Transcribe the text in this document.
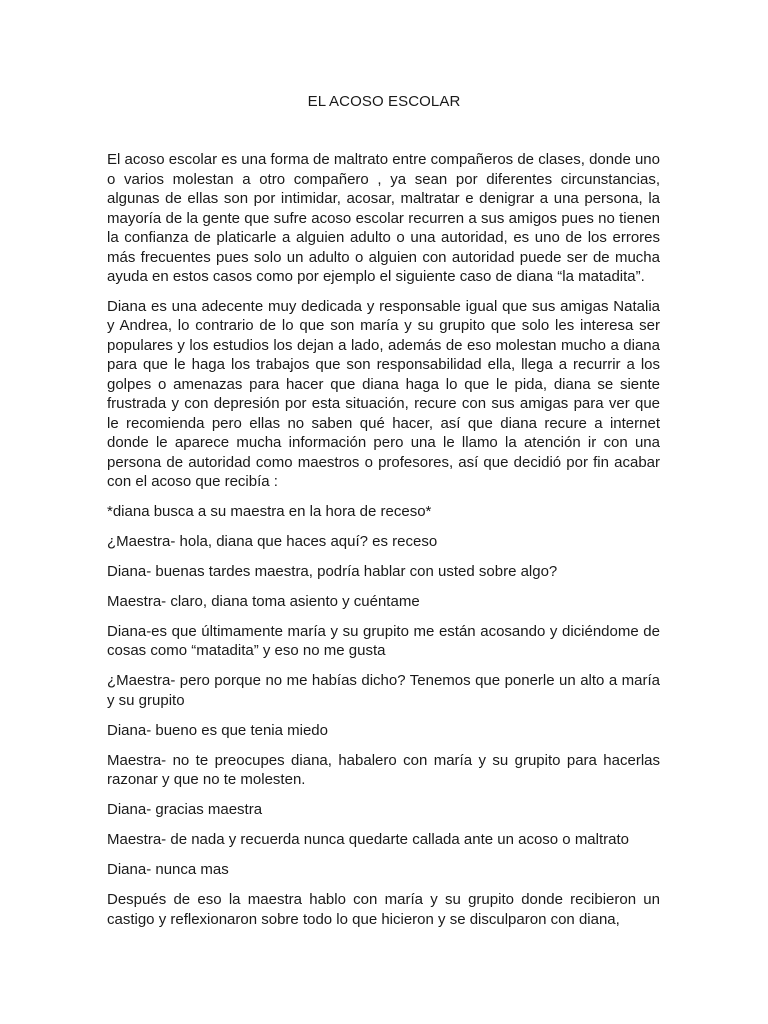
EL ACOSO ESCOLAR

El acoso escolar es una forma de maltrato entre compañeros de clases, donde uno o varios molestan a otro compañero , ya sean por diferentes circunstancias, algunas de ellas son por intimidar, acosar, maltratar e denigrar a una persona, la mayoría de la gente que sufre acoso escolar recurren a sus amigos pues no tienen la confianza de platicarle a alguien adulto o una autoridad, es uno de los errores más frecuentes pues solo un adulto o alguien con autoridad puede ser de mucha ayuda en estos casos como por ejemplo el siguiente caso de diana “la matadita”.

Diana es una adecente muy dedicada y responsable igual que sus amigas Natalia y Andrea, lo contrario de lo que son maría y su grupito que solo les interesa ser populares y los estudios los dejan a lado, además de eso molestan mucho a diana para que le haga los trabajos que son responsabilidad ella, llega a recurrir a los golpes o amenazas para hacer que diana haga lo que le pida, diana se siente frustrada y con depresión por esta situación, recure con sus amigas para ver que le recomienda pero ellas no saben qué hacer, así que diana recure a internet donde le aparece mucha información pero una le llamo la atención ir con una persona de autoridad como maestros o profesores, así que decidió por fin acabar con el acoso que recibía :

*diana busca a su maestra en la hora de receso*

¿Maestra- hola, diana que haces aquí? es receso

Diana- buenas tardes maestra, podría hablar con usted sobre algo?

Maestra- claro, diana toma asiento y cuéntame

Diana-es que últimamente maría y su grupito me están acosando y diciéndome de cosas como “matadita” y eso no me gusta

¿Maestra- pero porque no me habías dicho? Tenemos que ponerle un alto a maría y su grupito

Diana- bueno es que tenia miedo

Maestra- no te preocupes diana, habalero con maría y su grupito para hacerlas razonar y que no te molesten.

Diana- gracias maestra

Maestra- de nada y recuerda nunca quedarte callada ante un acoso o maltrato

Diana- nunca mas

Después de eso la maestra hablo con maría y su grupito donde recibieron un castigo y reflexionaron sobre todo lo que hicieron y se disculparon con diana,
